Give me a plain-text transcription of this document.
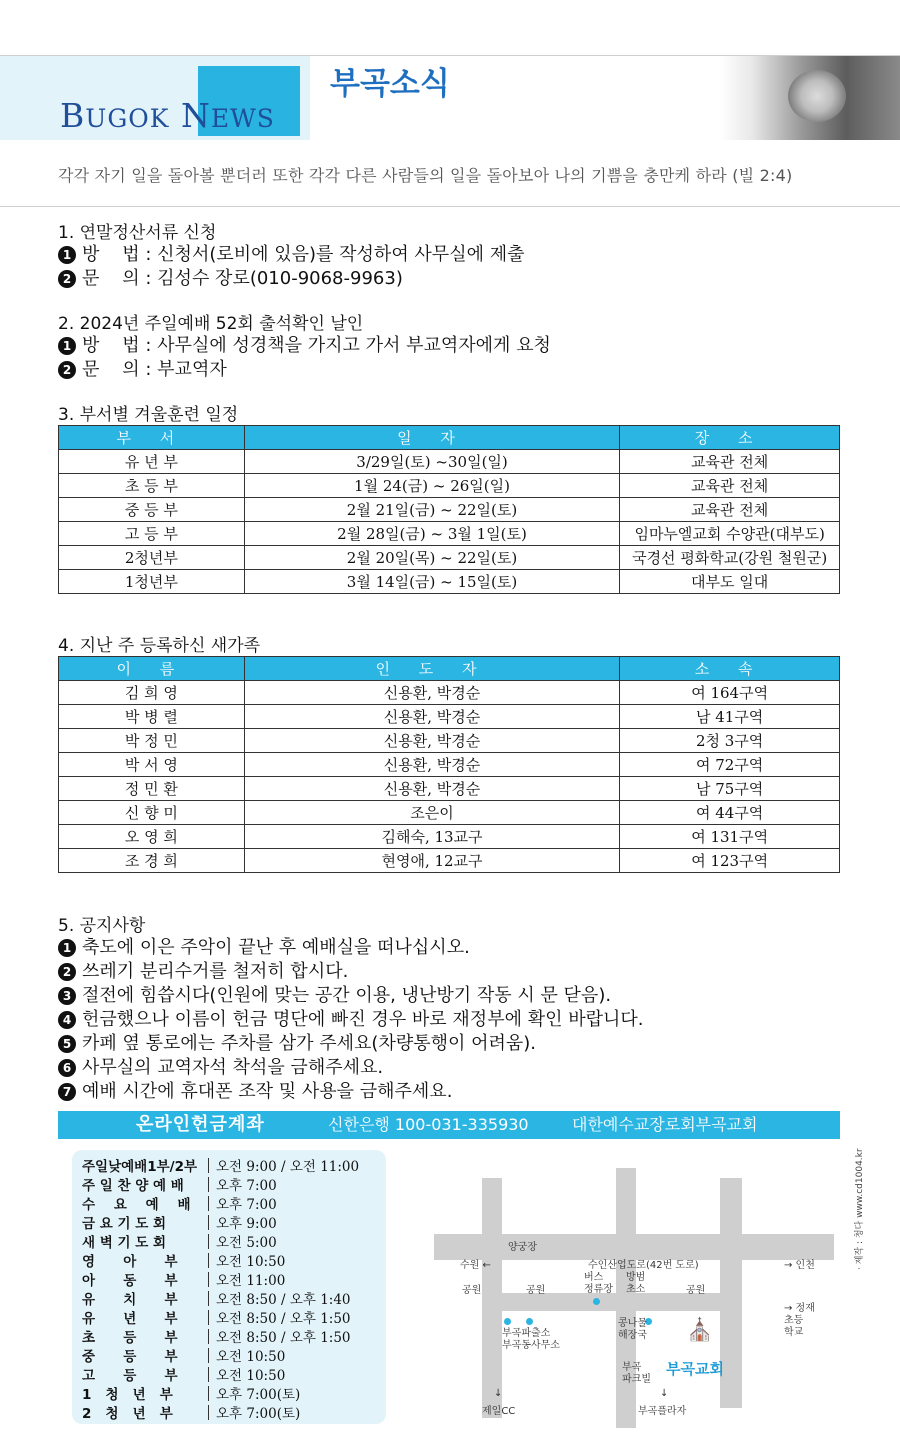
BUGOK NEWS
부곡소식
각각 자기 일을 돌아볼 뿐더러 또한 각각 다른 사람들의 일을 돌아보아 나의 기쁨을 충만케 하라 (빌 2:4)
1. 연말정산서류 신청
1 방    법 : 신청서(로비에 있음)를 작성하여 사무실에 제출
2 문    의 : 김성수 장로(010-9068-9963)
2. 2024년 주일예배 52회 출석확인 날인
1 방    법 : 사무실에 성경책을 가지고 가서 부교역자에게 요청
2 문    의 : 부교역자
3. 부서별 겨울훈련 일정
부 서	일 자	장 소
유 년 부	3/29일(토) ~30일(일)	교육관 전체
초 등 부	1월 24(금) ~ 26일(일)	교육관 전체
중 등 부	2월 21일(금) ~ 22일(토)	교육관 전체
고 등 부	2월 28일(금) ~ 3월 1일(토)	임마누엘교회 수양관(대부도)
2청년부	2월 20일(목) ~ 22일(토)	국경선 평화학교(강원 철원군)
1청년부	3월 14일(금) ~ 15일(토)	대부도 일대
4. 지난 주 등록하신 새가족
이 름	인 도 자	소 속
김 희 영	신용환, 박경순	여 164구역
박 병 렬	신용환, 박경순	남 41구역
박 정 민	신용환, 박경순	2청 3구역
박 서 영	신용환, 박경순	여 72구역
정 민 환	신용환, 박경순	남 75구역
신 향 미	조은이	여 44구역
오 영 희	김해숙, 13교구	여 131구역
조 경 희	현영애, 12교구	여 123구역
5. 공지사항
1 축도에 이은 주악이 끝난 후 예배실을 떠나십시오.
2 쓰레기 분리수거를 철저히 합시다.
3 절전에 힘씁시다(인원에 맞는 공간 이용, 냉난방기 작동 시 문 닫음).
4 헌금했으나 이름이 헌금 명단에 빠진 경우 바로 재정부에 확인 바랍니다.
5 카페 옆 통로에는 주차를 삼가 주세요(차량통행이 어려움).
6 사무실의 교역자석 착석을 금해주세요.
7 예배 시간에 휴대폰 조작 및 사용을 금해주세요.
온라인헌금계좌	신한은행 100-031-335930	대한예수교장로회부곡교회
주일낮예배1부/2부 오전 9:00 / 오전 11:00
주 일 찬 양 예 배 오후 7:00
수    요    예    배 오후 7:00
금 요 기 도 회	오후 9:00
새 벽 기 도 회	오전 5:00
영      아      부	오전 10:50
아      동      부	오전 11:00
유      치      부	오전 8:50 / 오후 1:40
유      년      부	오전 8:50 / 오후 1:50
초      등      부	오전 8:50 / 오후 1:50
중      등      부	오전 10:50
고      등      부	오전 10:50
1   청   년   부	오후 7:00(토)
2   청   년   부	오후 7:00(토)
양궁장
수원 ←	수인산업도로(42번 도로)	→ 인천
공원	공원	공원
버스
정류장
방범
초소
→ 정재
초등
학교
부곡파출소
부곡동사무소
콩나물
해장국
부곡
파크빌
⛪
부곡교회
↓
제일CC
↓
부곡플라자
· 제작 : 청다 www.cd1004.kr
